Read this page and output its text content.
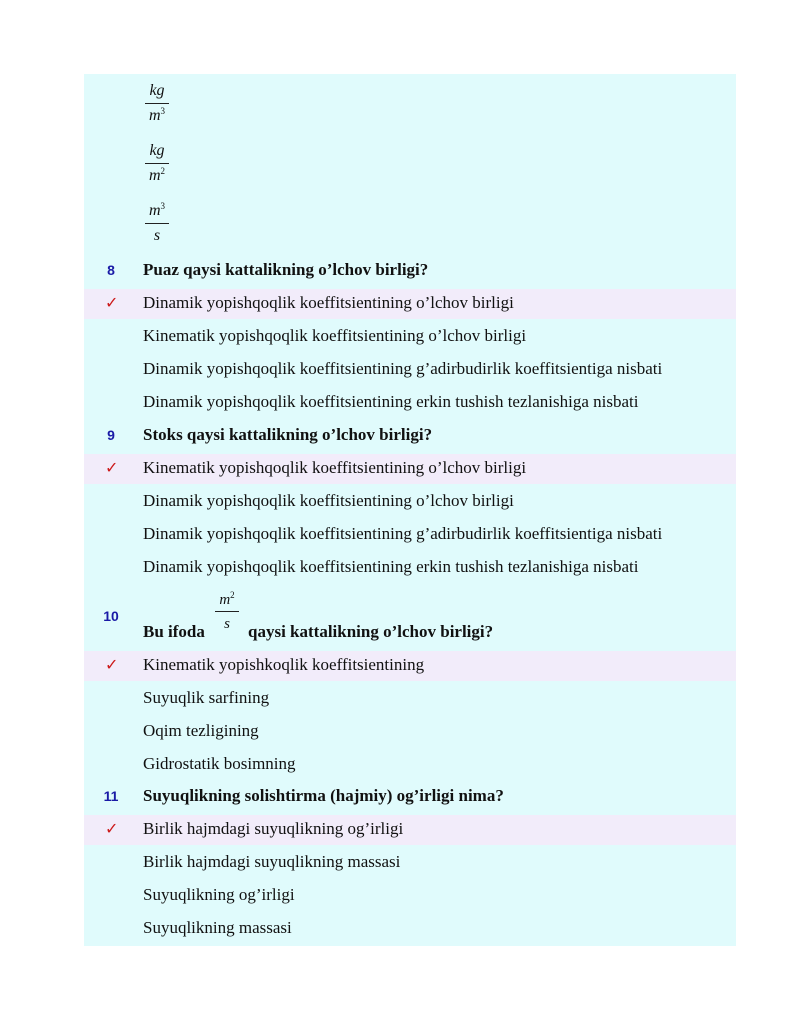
kg
$m^3$
kg
$m^2$
$m^3$
s
8	Puaz qaysi kattalikning o’lchov birligi?
✓ Dinamik yopishqoqlik koeffitsientining o’lchov birligi
Kinematik yopishqoqlik koeffitsientining o’lchov birligi
Dinamik yopishqoqlik koeffitsientining g’adirbudirlik koeffitsientiga nisbati
Dinamik yopishqoqlik koeffitsientining erkin tushish tezlanishiga nisbati
9	Stoks qaysi kattalikning o’lchov birligi?
✓ Kinematik yopishqoqlik koeffitsientining o’lchov birligi
Dinamik yopishqoqlik koeffitsientining o’lchov birligi
Dinamik yopishqoqlik koeffitsientining g’adirbudirlik koeffitsientiga nisbati
Dinamik yopishqoqlik koeffitsientining erkin tushish tezlanishiga nisbati
10
Bu ifoda
$m^2$
s	qaysi kattalikning o’lchov birligi?
✓ Kinematik yopishkoqlik koeffitsientining
Suyuqlik sarfining
Oqim tezligining
Gidrostatik bosimning
11	Suyuqlikning solishtirma (hajmiy) og’irligi nima?
✓ Birlik hajmdagi suyuqlikning og’irligi
Birlik hajmdagi suyuqlikning massasi
Suyuqlikning og’irligi
Suyuqlikning massasi
